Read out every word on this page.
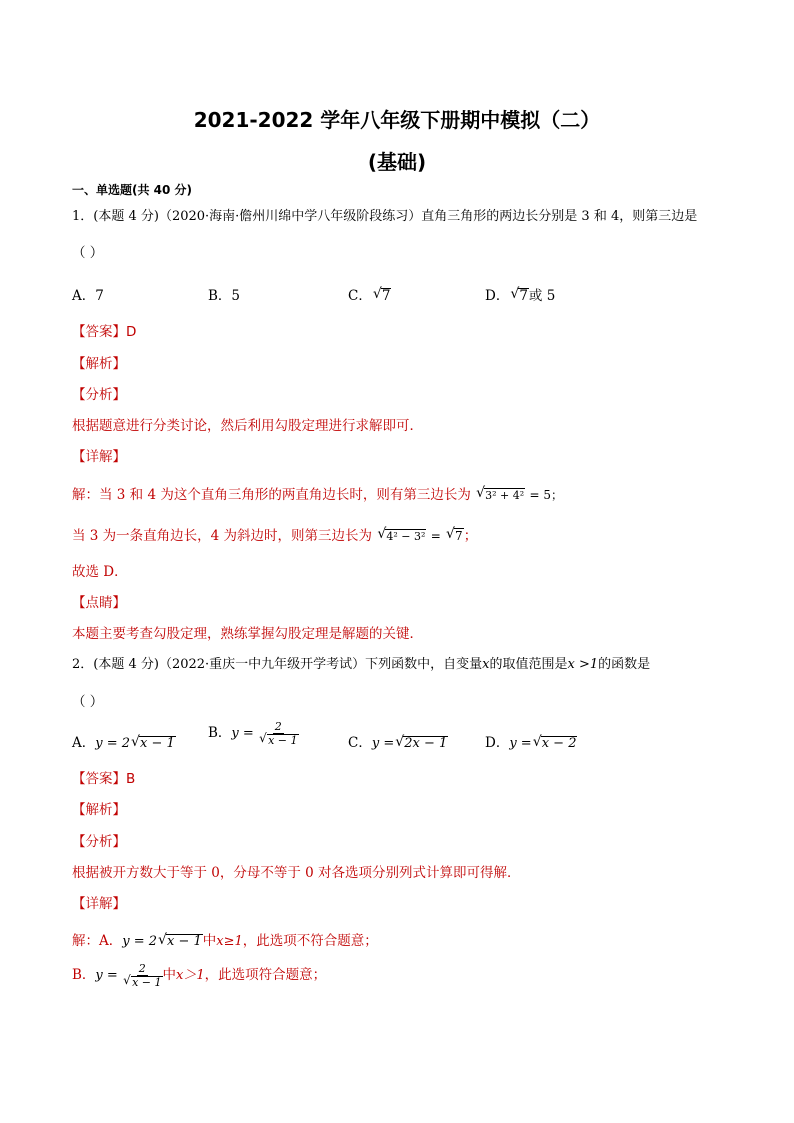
2021-2022 学年八年级下册期中模拟（二）
(基础)
一、单选题(共 40 分)
1．(本题 4 分)（2020·海南·儋州川绵中学八年级阶段练习）直角三角形的两边长分别是 3 和 4，则第三边是
（ ）
A．7	B．5	C． √ 7	D． √ 7或 5
【答案】D
【解析】
【分析】
根据题意进行分类讨论，然后利用勾股定理进行求解即可．
【详解】
解：当 3 和 4 为这个直角三角形的两直角边长时，则有第三边长为 √ 3² + 4² = 5；
当 3 为一条直角边长，4 为斜边时，则第三边长为 √ 4² − 3² = √ 7；
故选 D．
【点睛】
本题主要考查勾股定理，熟练掌握勾股定理是解题的关键．
2．(本题 4 分)（2022·重庆一中九年级开学考试）下列函数中，自变量x的取值范围是x >1的函数是
（ ）
A．y = 2 √ x − 1
B．$y = \frac{2}{√ x - 1}$	C．y = √ 2x − 1	D．y = √ x − 2
【答案】B
【解析】
【分析】
根据被开方数大于等于 0，分母不等于 0 对各选项分别列式计算即可得解．
【详解】
解：A．y = 2 √ x − 1中x≥1，此选项不符合题意；
B．$y = \frac{2}{√ x - 1}$ 中x＞1，此选项符合题意；
